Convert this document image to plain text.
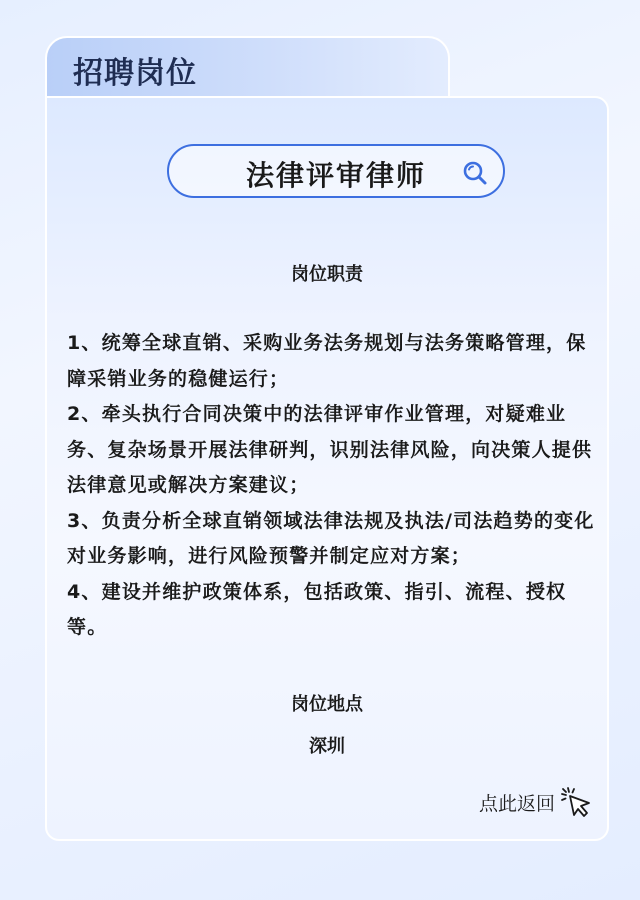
招聘岗位
法律评审律师
岗位职责

1、统筹全球直销、采购业务法务规划与法务策略管理，保障采销业务的稳健运行；

2、牵头执行合同决策中的法律评审作业管理，对疑难业务、复杂场景开展法律研判，识别法律风险，向决策人提供法律意见或解决方案建议；

3、负责分析全球直销领域法律法规及执法/司法趋势的变化对业务影响，进行风险预警并制定应对方案；

4、建设并维护政策体系，包括政策、指引、流程、授权等。

岗位地点
深圳
点此返回
